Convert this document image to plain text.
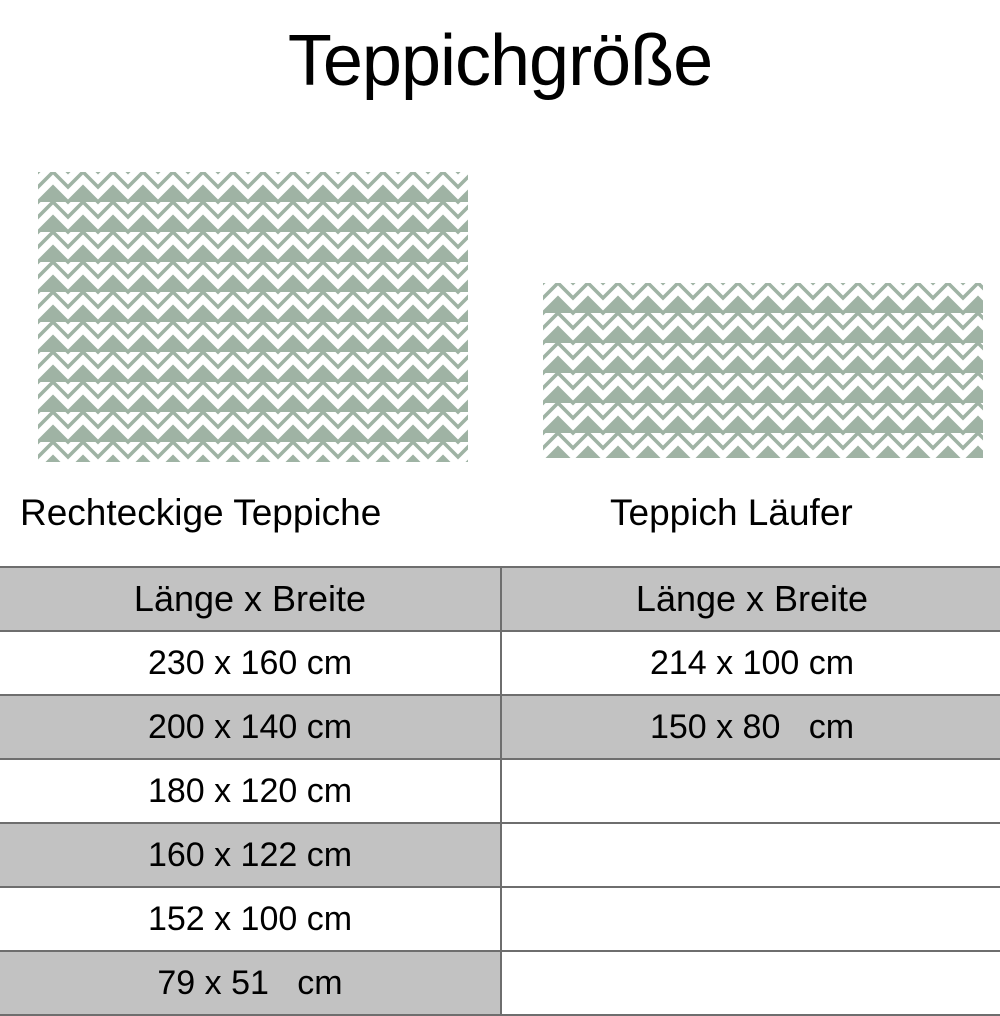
Teppichgröße
Rechteckige Teppiche	Teppich Läufer
Länge x Breite	Länge x Breite
230 x 160 cm	214 x 100 cm
200 x 140 cm	150 x 80   cm
180 x 120 cm	
160 x 122 cm	
152 x 100 cm	
79 x 51   cm	
